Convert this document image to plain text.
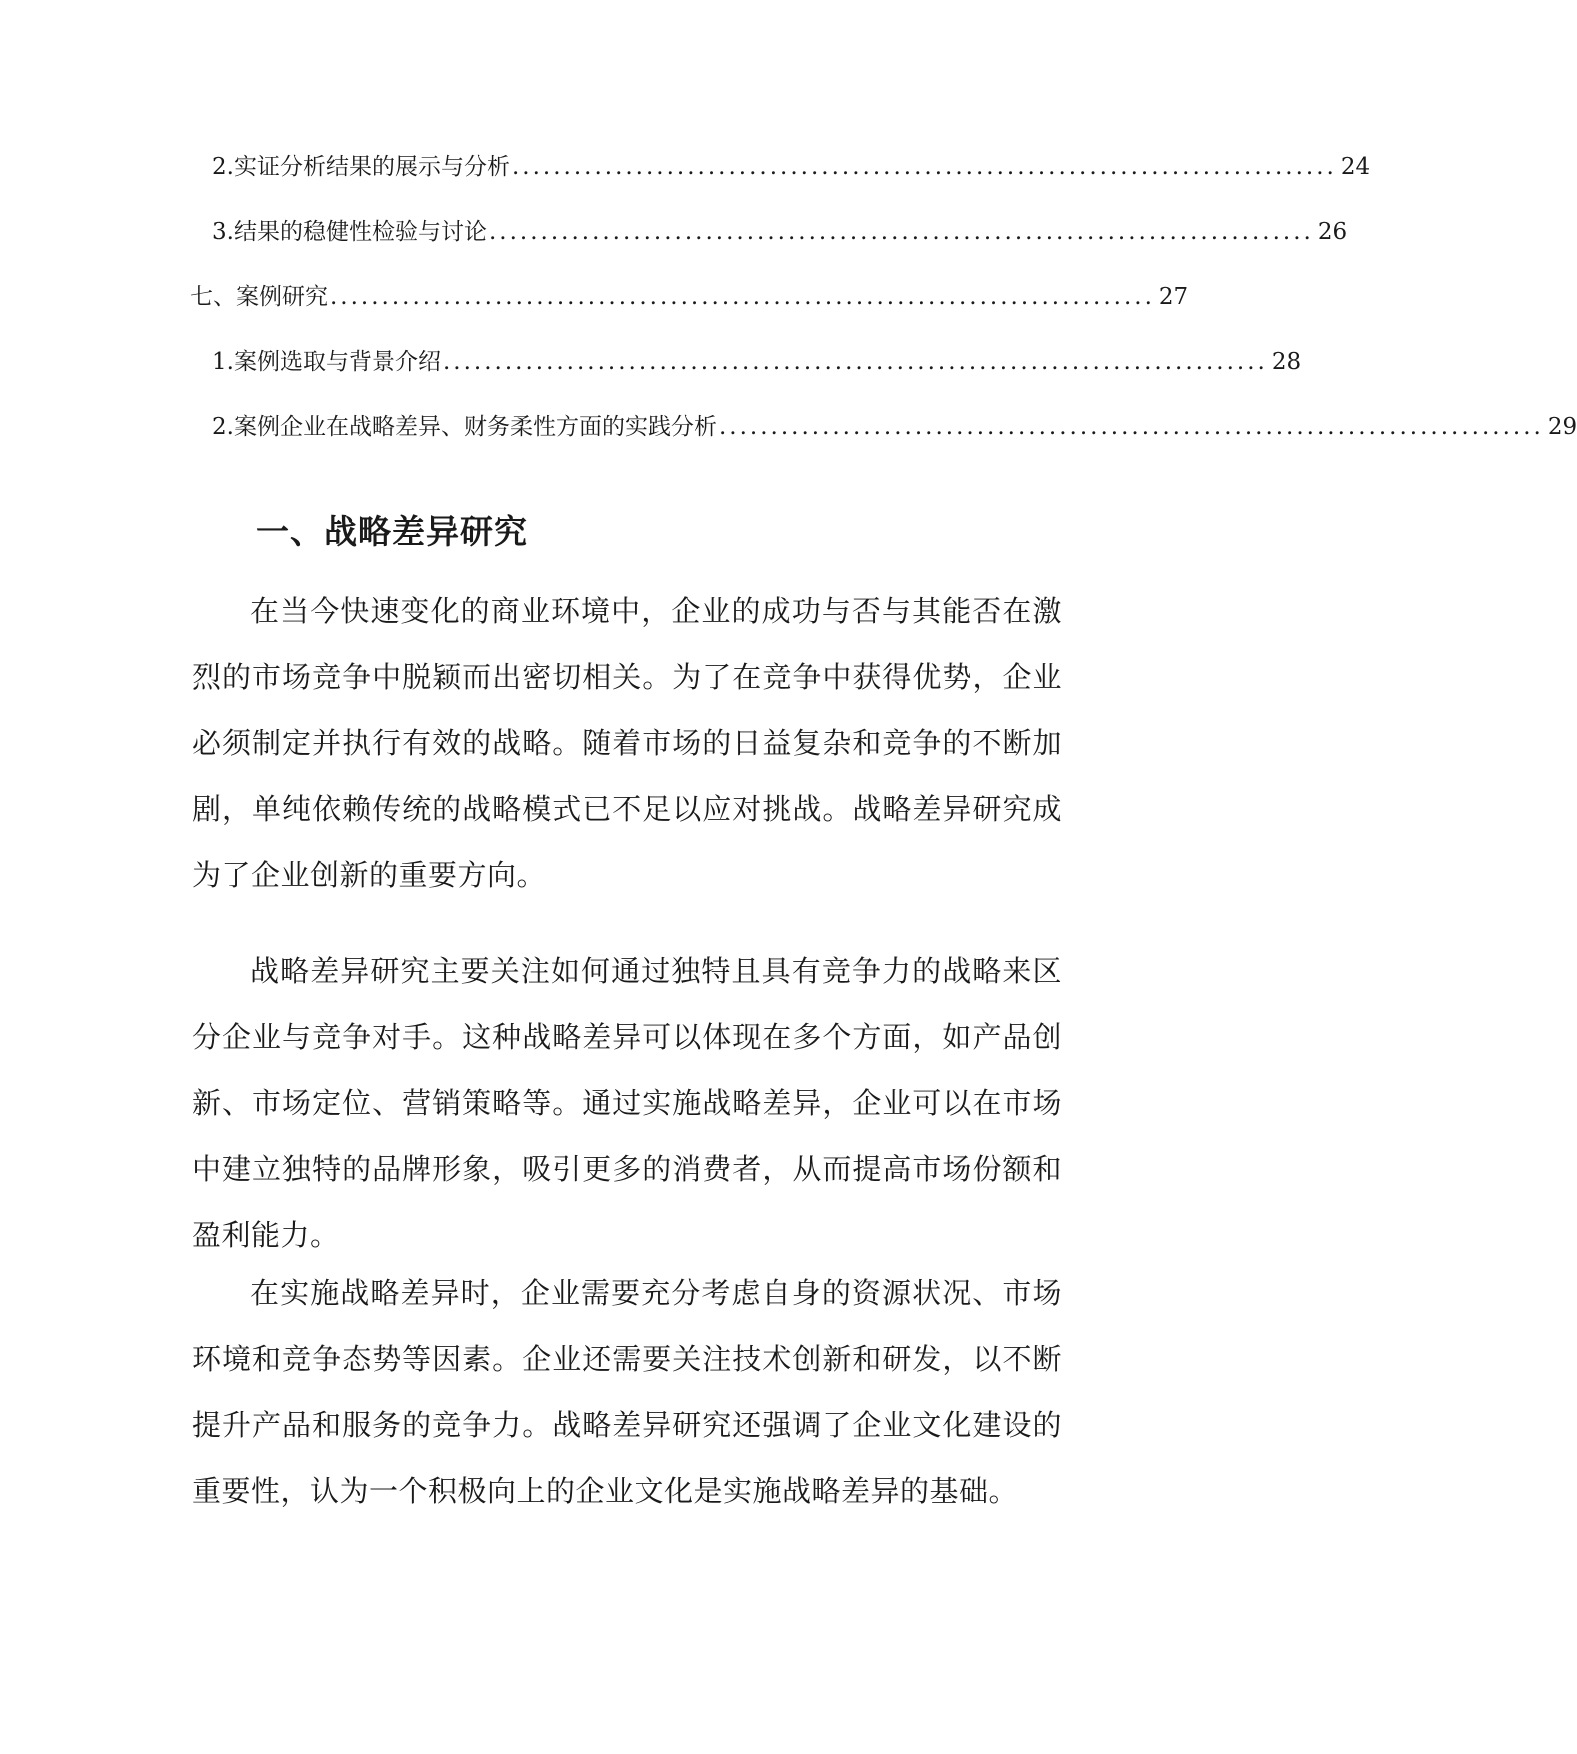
2. 实证分析结果的展示与分析 ................................................................................ 24
3. 结果的稳健性检验与讨论 ................................................................................ 26
七、案例研究 ................................................................................ 27
1. 案例选取与背景介绍 ................................................................................ 28
2. 案例企业在战略差异、财务柔性方面的实践分析 ................................................................................ 29
一、战略差异研究

在当今快速变化的商业环境中，企业的成功与否与其能否在激烈的市场竞争中脱颖而出密切相关。为了在竞争中获得优势，企业必须制定并执行有效的战略。随着市场的日益复杂和竞争的不断加剧，单纯依赖传统的战略模式已不足以应对挑战。战略差异研究成为了企业创新的重要方向。

战略差异研究主要关注如何通过独特且具有竞争力的战略来区分企业与竞争对手。这种战略差异可以体现在多个方面，如产品创新、市场定位、营销策略等。通过实施战略差异，企业可以在市场中建立独特的品牌形象，吸引更多的消费者，从而提高市场份额和盈利能力。

在实施战略差异时，企业需要充分考虑自身的资源状况、市场环境和竞争态势等因素。企业还需要关注技术创新和研发，以不断提升产品和服务的竞争力。战略差异研究还强调了企业文化建设的重要性，认为一个积极向上的企业文化是实施战略差异的基础。
